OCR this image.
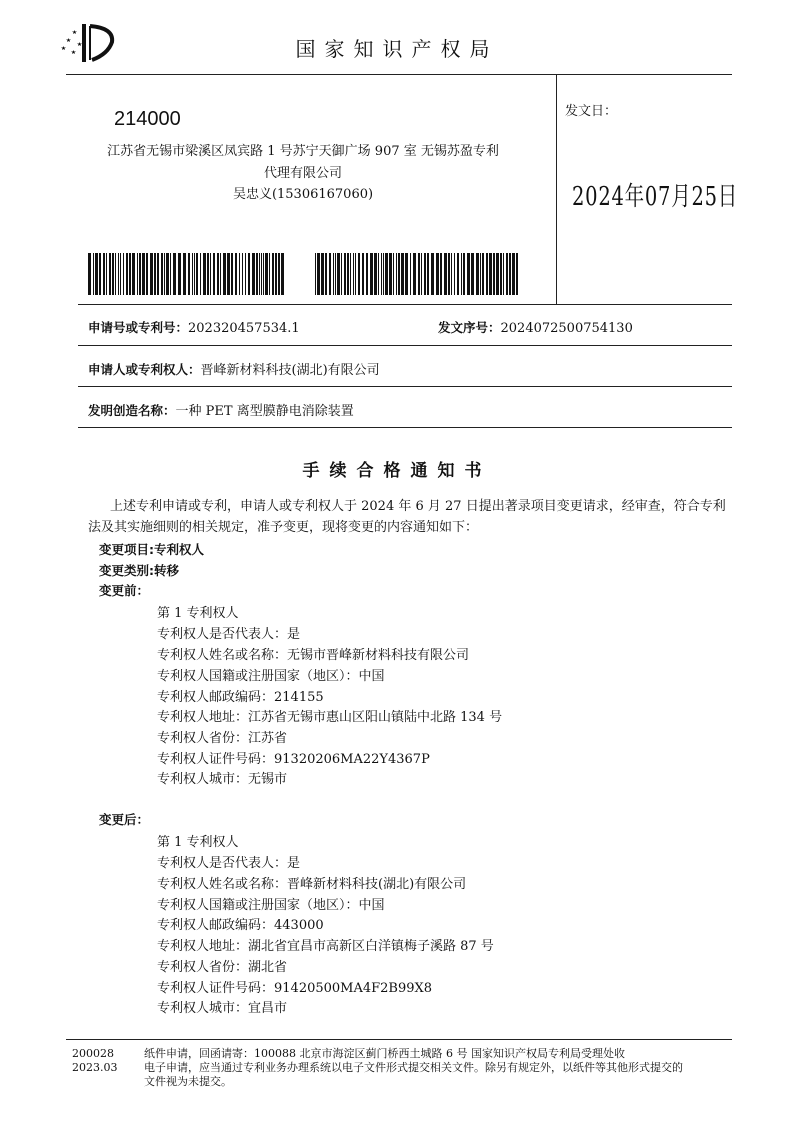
国家知识产权局
214000
江苏省无锡市梁溪区凤宾路 1 号苏宁天御广场 907 室 无锡苏盈专利
代理有限公司
吴忠义(15306167060)
发文日：
2024年07月25日
申请号或专利号：202320457534.1	发文序号：2024072500754130
申请人或专利权人：晋峰新材料科技(湖北)有限公司
发明创造名称：一种 PET 离型膜静电消除装置
手续合格通知书
上述专利申请或专利，申请人或专利权人于 2024 年 6 月 27 日提出著录项目变更请求，经审查，符合专利法及其实施细则的相关规定，准予变更，现将变更的内容通知如下：
变更项目:专利权人
变更类别:转移
变更前：
第 1 专利权人
专利权人是否代表人：是
专利权人姓名或名称：无锡市晋峰新材料科技有限公司
专利权人国籍或注册国家（地区）：中国
专利权人邮政编码：214155
专利权人地址：江苏省无锡市惠山区阳山镇陆中北路 134 号
专利权人省份：江苏省
专利权人证件号码：91320206MA22Y4367P
专利权人城市：无锡市
变更后：
第 1 专利权人
专利权人是否代表人：是
专利权人姓名或名称：晋峰新材料科技(湖北)有限公司
专利权人国籍或注册国家（地区）：中国
专利权人邮政编码：443000
专利权人地址：湖北省宜昌市高新区白洋镇梅子溪路 87 号
专利权人省份：湖北省
专利权人证件号码：91420500MA4F2B99X8
专利权人城市：宜昌市
200028
2023.03
纸件申请，回函请寄：100088 北京市海淀区蓟门桥西土城路 6 号 国家知识产权局专利局受理处收
电子申请，应当通过专利业务办理系统以电子文件形式提交相关文件。除另有规定外，以纸件等其他形式提交的
文件视为未提交。
